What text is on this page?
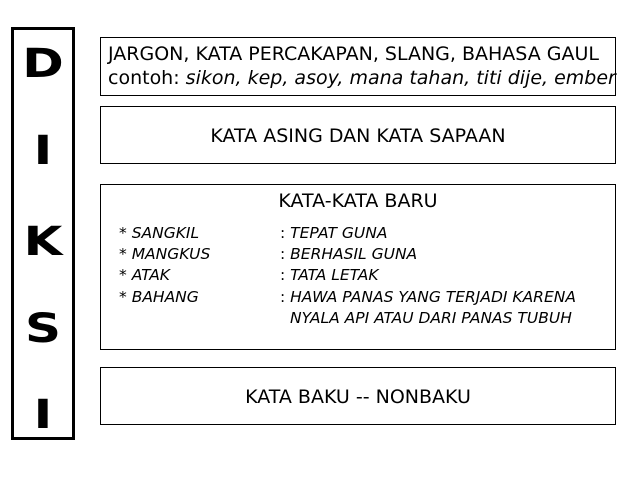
D
I
K
S
I
JARGON, KATA PERCAKAPAN, SLANG, BAHASA GAUL
contoh: sikon, kep, asoy, mana tahan, titi dije, ember
KATA ASING DAN KATA SAPAAN
KATA-KATA BARU
* SANGKIL	: TEPAT GUNA
* MANGKUS	: BERHASIL GUNA
* ATAK	: TATA LETAK
* BAHANG	: HAWA PANAS YANG TERJADI KARENA
NYALA API ATAU DARI PANAS TUBUH
KATA BAKU -- NONBAKU
